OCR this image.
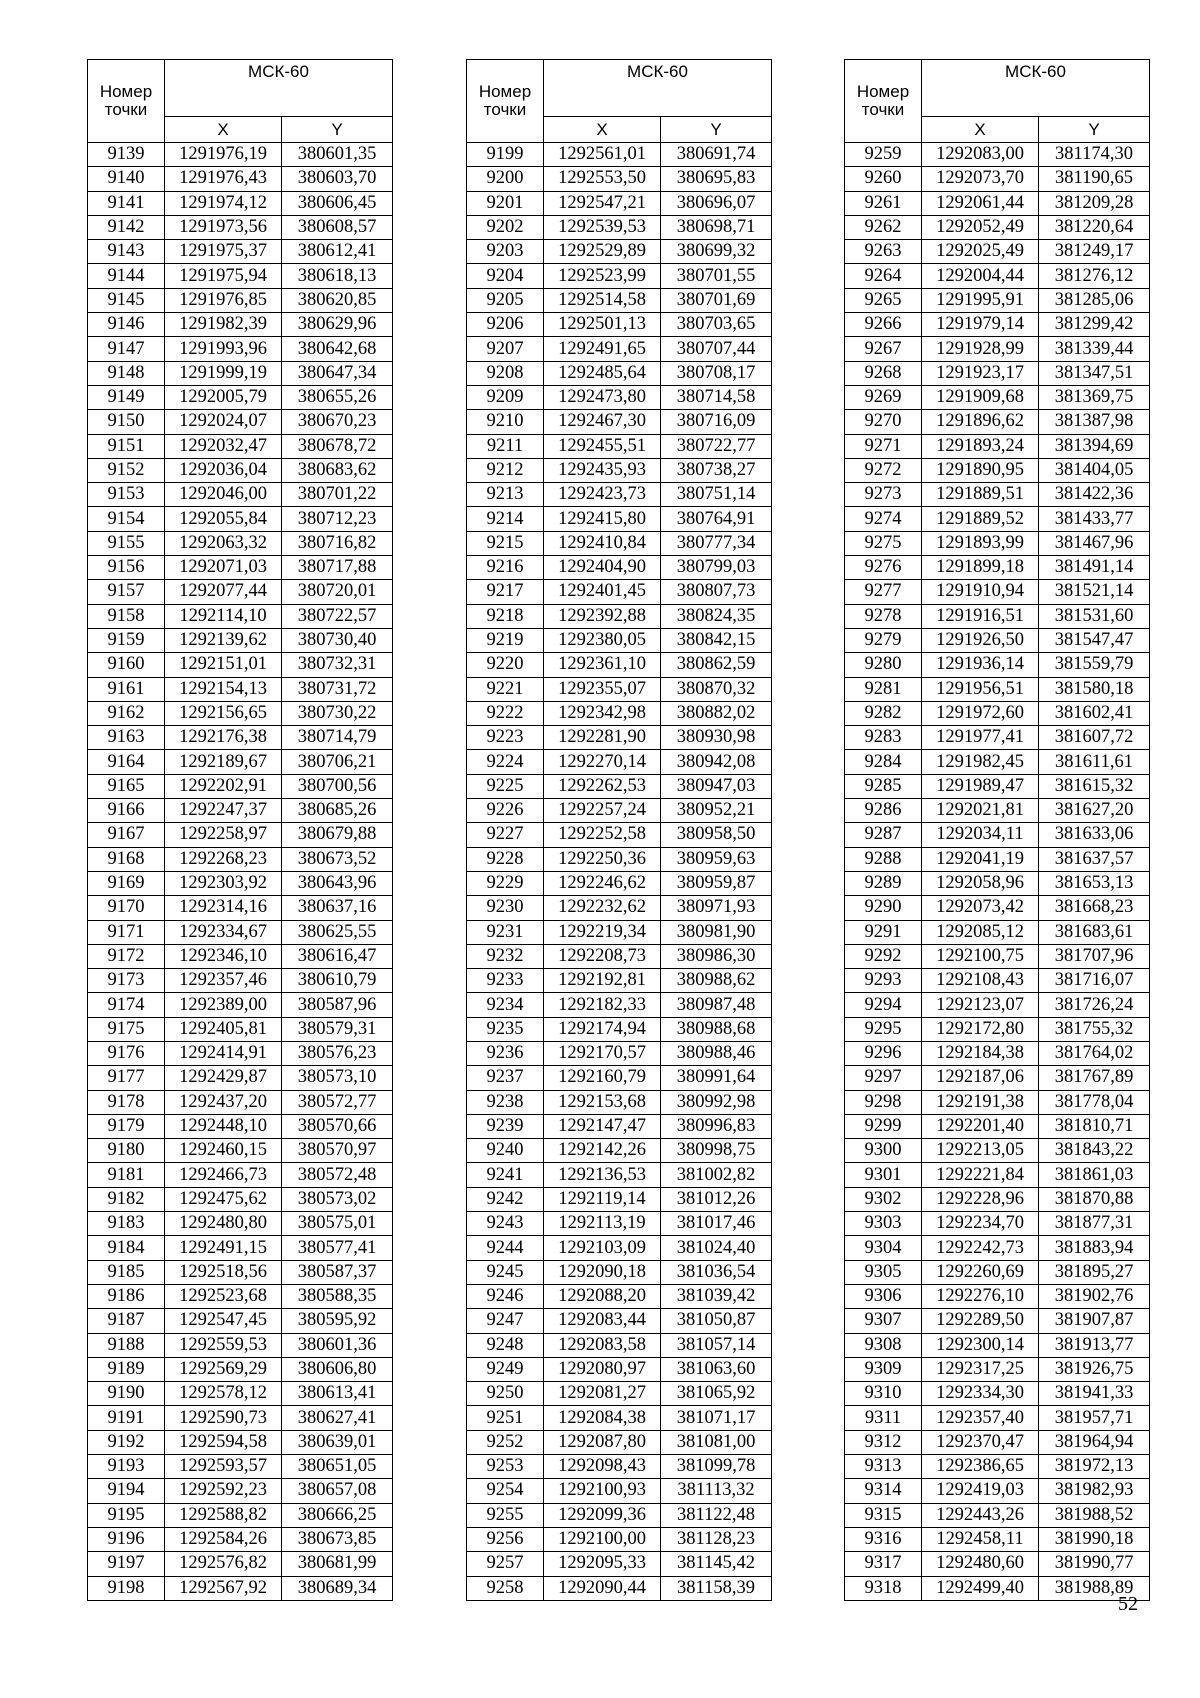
Номер точки	МСК-60	
	X	Y
9139	1291976,19	380601,35
9140	1291976,43	380603,70
9141	1291974,12	380606,45
9142	1291973,56	380608,57
9143	1291975,37	380612,41
9144	1291975,94	380618,13
9145	1291976,85	380620,85
9146	1291982,39	380629,96
9147	1291993,96	380642,68
9148	1291999,19	380647,34
9149	1292005,79	380655,26
9150	1292024,07	380670,23
9151	1292032,47	380678,72
9152	1292036,04	380683,62
9153	1292046,00	380701,22
9154	1292055,84	380712,23
9155	1292063,32	380716,82
9156	1292071,03	380717,88
9157	1292077,44	380720,01
9158	1292114,10	380722,57
9159	1292139,62	380730,40
9160	1292151,01	380732,31
9161	1292154,13	380731,72
9162	1292156,65	380730,22
9163	1292176,38	380714,79
9164	1292189,67	380706,21
9165	1292202,91	380700,56
9166	1292247,37	380685,26
9167	1292258,97	380679,88
9168	1292268,23	380673,52
9169	1292303,92	380643,96
9170	1292314,16	380637,16
9171	1292334,67	380625,55
9172	1292346,10	380616,47
9173	1292357,46	380610,79
9174	1292389,00	380587,96
9175	1292405,81	380579,31
9176	1292414,91	380576,23
9177	1292429,87	380573,10
9178	1292437,20	380572,77
9179	1292448,10	380570,66
9180	1292460,15	380570,97
9181	1292466,73	380572,48
9182	1292475,62	380573,02
9183	1292480,80	380575,01
9184	1292491,15	380577,41
9185	1292518,56	380587,37
9186	1292523,68	380588,35
9187	1292547,45	380595,92
9188	1292559,53	380601,36
9189	1292569,29	380606,80
9190	1292578,12	380613,41
9191	1292590,73	380627,41
9192	1292594,58	380639,01
9193	1292593,57	380651,05
9194	1292592,23	380657,08
9195	1292588,82	380666,25
9196	1292584,26	380673,85
9197	1292576,82	380681,99
9198	1292567,92	380689,34
Номер точки	МСК-60	
	X	Y
9199	1292561,01	380691,74
9200	1292553,50	380695,83
9201	1292547,21	380696,07
9202	1292539,53	380698,71
9203	1292529,89	380699,32
9204	1292523,99	380701,55
9205	1292514,58	380701,69
9206	1292501,13	380703,65
9207	1292491,65	380707,44
9208	1292485,64	380708,17
9209	1292473,80	380714,58
9210	1292467,30	380716,09
9211	1292455,51	380722,77
9212	1292435,93	380738,27
9213	1292423,73	380751,14
9214	1292415,80	380764,91
9215	1292410,84	380777,34
9216	1292404,90	380799,03
9217	1292401,45	380807,73
9218	1292392,88	380824,35
9219	1292380,05	380842,15
9220	1292361,10	380862,59
9221	1292355,07	380870,32
9222	1292342,98	380882,02
9223	1292281,90	380930,98
9224	1292270,14	380942,08
9225	1292262,53	380947,03
9226	1292257,24	380952,21
9227	1292252,58	380958,50
9228	1292250,36	380959,63
9229	1292246,62	380959,87
9230	1292232,62	380971,93
9231	1292219,34	380981,90
9232	1292208,73	380986,30
9233	1292192,81	380988,62
9234	1292182,33	380987,48
9235	1292174,94	380988,68
9236	1292170,57	380988,46
9237	1292160,79	380991,64
9238	1292153,68	380992,98
9239	1292147,47	380996,83
9240	1292142,26	380998,75
9241	1292136,53	381002,82
9242	1292119,14	381012,26
9243	1292113,19	381017,46
9244	1292103,09	381024,40
9245	1292090,18	381036,54
9246	1292088,20	381039,42
9247	1292083,44	381050,87
9248	1292083,58	381057,14
9249	1292080,97	381063,60
9250	1292081,27	381065,92
9251	1292084,38	381071,17
9252	1292087,80	381081,00
9253	1292098,43	381099,78
9254	1292100,93	381113,32
9255	1292099,36	381122,48
9256	1292100,00	381128,23
9257	1292095,33	381145,42
9258	1292090,44	381158,39
Номер точки	МСК-60	
	X	Y
9259	1292083,00	381174,30
9260	1292073,70	381190,65
9261	1292061,44	381209,28
9262	1292052,49	381220,64
9263	1292025,49	381249,17
9264	1292004,44	381276,12
9265	1291995,91	381285,06
9266	1291979,14	381299,42
9267	1291928,99	381339,44
9268	1291923,17	381347,51
9269	1291909,68	381369,75
9270	1291896,62	381387,98
9271	1291893,24	381394,69
9272	1291890,95	381404,05
9273	1291889,51	381422,36
9274	1291889,52	381433,77
9275	1291893,99	381467,96
9276	1291899,18	381491,14
9277	1291910,94	381521,14
9278	1291916,51	381531,60
9279	1291926,50	381547,47
9280	1291936,14	381559,79
9281	1291956,51	381580,18
9282	1291972,60	381602,41
9283	1291977,41	381607,72
9284	1291982,45	381611,61
9285	1291989,47	381615,32
9286	1292021,81	381627,20
9287	1292034,11	381633,06
9288	1292041,19	381637,57
9289	1292058,96	381653,13
9290	1292073,42	381668,23
9291	1292085,12	381683,61
9292	1292100,75	381707,96
9293	1292108,43	381716,07
9294	1292123,07	381726,24
9295	1292172,80	381755,32
9296	1292184,38	381764,02
9297	1292187,06	381767,89
9298	1292191,38	381778,04
9299	1292201,40	381810,71
9300	1292213,05	381843,22
9301	1292221,84	381861,03
9302	1292228,96	381870,88
9303	1292234,70	381877,31
9304	1292242,73	381883,94
9305	1292260,69	381895,27
9306	1292276,10	381902,76
9307	1292289,50	381907,87
9308	1292300,14	381913,77
9309	1292317,25	381926,75
9310	1292334,30	381941,33
9311	1292357,40	381957,71
9312	1292370,47	381964,94
9313	1292386,65	381972,13
9314	1292419,03	381982,93
9315	1292443,26	381988,52
9316	1292458,11	381990,18
9317	1292480,60	381990,77
9318	1292499,40	381988,89
52
